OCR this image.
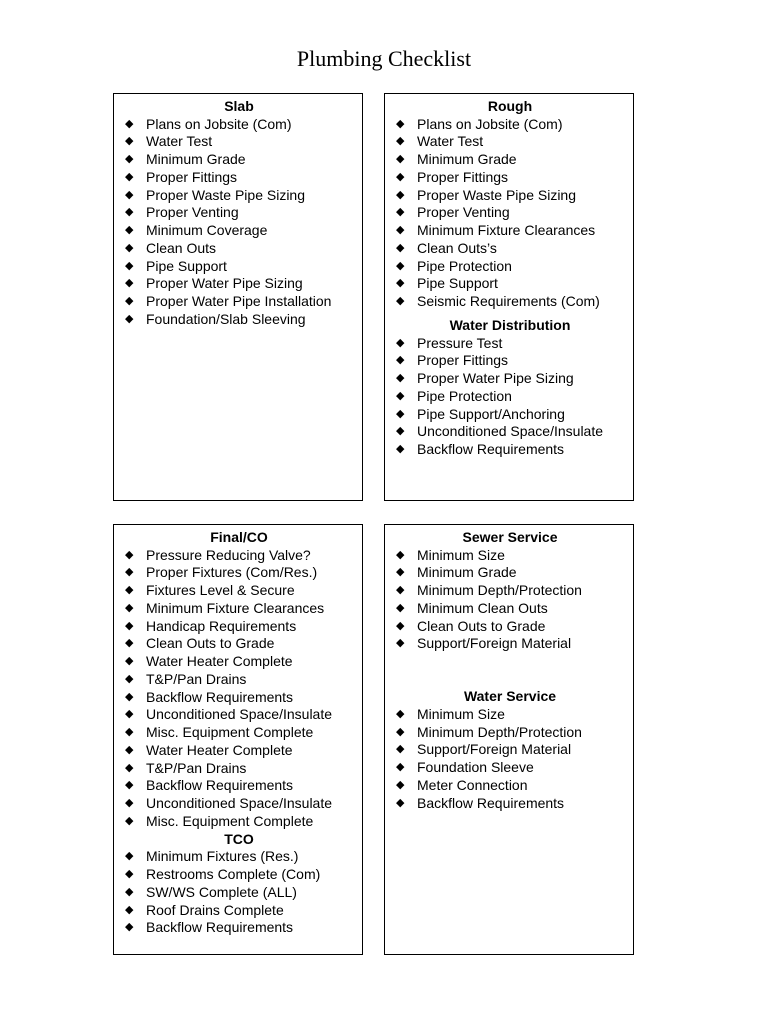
Plumbing Checklist
Slab
◆ Plans on Jobsite (Com)
◆ Water Test
◆ Minimum Grade
◆ Proper Fittings
◆ Proper Waste Pipe Sizing
◆ Proper Venting
◆ Minimum Coverage
◆ Clean Outs
◆ Pipe Support
◆ Proper Water Pipe Sizing
◆ Proper Water Pipe Installation
◆ Foundation/Slab Sleeving
Rough
◆ Plans on Jobsite (Com)
◆ Water Test
◆ Minimum Grade
◆ Proper Fittings
◆ Proper Waste Pipe Sizing
◆ Proper Venting
◆ Minimum Fixture Clearances
◆ Clean Outs’s
◆ Pipe Protection
◆ Pipe Support
◆ Seismic Requirements (Com)
Water Distribution
◆ Pressure Test
◆ Proper Fittings
◆ Proper Water Pipe Sizing
◆ Pipe Protection
◆ Pipe Support/Anchoring
◆ Unconditioned Space/Insulate
◆ Backflow Requirements
Final/CO
◆ Pressure Reducing Valve?
◆ Proper Fixtures (Com/Res.)
◆ Fixtures Level & Secure
◆ Minimum Fixture Clearances
◆ Handicap Requirements
◆ Clean Outs to Grade
◆ Water Heater Complete
◆ T&P/Pan Drains
◆ Backflow Requirements
◆ Unconditioned Space/Insulate
◆ Misc. Equipment Complete
◆ Water Heater Complete
◆ T&P/Pan Drains
◆ Backflow Requirements
◆ Unconditioned Space/Insulate
◆ Misc. Equipment Complete
TCO
◆ Minimum Fixtures (Res.)
◆ Restrooms Complete (Com)
◆ SW/WS Complete (ALL)
◆ Roof Drains Complete
◆ Backflow Requirements
Sewer Service
◆ Minimum Size
◆ Minimum Grade
◆ Minimum Depth/Protection
◆ Minimum Clean Outs
◆ Clean Outs to Grade
◆ Support/Foreign Material
Water Service
◆ Minimum Size
◆ Minimum Depth/Protection
◆ Support/Foreign Material
◆ Foundation Sleeve
◆ Meter Connection
◆ Backflow Requirements
